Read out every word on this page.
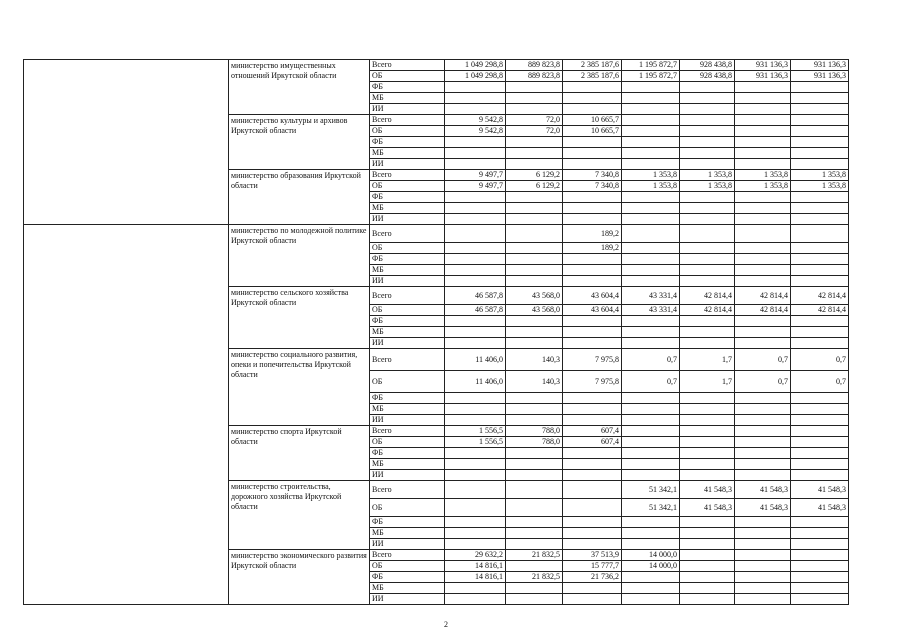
	министерство имущественных отношений Иркутской области	Всего	1 049 298,8	889 823,8	2 385 187,6	1 195 872,7	928 438,8	931 136,3	931 136,3
		ОБ	1 049 298,8	889 823,8	2 385 187,6	1 195 872,7	928 438,8	931 136,3	931 136,3
		ФБ							
		МБ							
		ИИ							
	министерство культуры и архивов Иркутской области	Всего	9 542,8	72,0	10 665,7				
		ОБ	9 542,8	72,0	10 665,7				
		ФБ							
		МБ							
		ИИ							
	министерство образования Иркутской области	Всего	9 497,7	6 129,2	7 340,8	1 353,8	1 353,8	1 353,8	1 353,8
		ОБ	9 497,7	6 129,2	7 340,8	1 353,8	1 353,8	1 353,8	1 353,8
		ФБ							
		МБ							
		ИИ							
	министерство по молодежной политике Иркутской области	Всего			189,2				
		ОБ			189,2				
		ФБ							
		МБ							
		ИИ							
	министерство сельского хозяйства Иркутской области	Всего	46 587,8	43 568,0	43 604,4	43 331,4	42 814,4	42 814,4	42 814,4
		ОБ	46 587,8	43 568,0	43 604,4	43 331,4	42 814,4	42 814,4	42 814,4
		ФБ							
		МБ							
		ИИ							
	министерство социального развития, опеки и попечительства Иркутской области	Всего	11 406,0	140,3	7 975,8	0,7	1,7	0,7	0,7
		ОБ	11 406,0	140,3	7 975,8	0,7	1,7	0,7	0,7
		ФБ							
		МБ							
		ИИ							
	министерство спорта Иркутской области	Всего	1 556,5	788,0	607,4				
		ОБ	1 556,5	788,0	607,4				
		ФБ							
		МБ							
		ИИ							
	министерство строительства, дорожного хозяйства Иркутской области	Всего				51 342,1	41 548,3	41 548,3	41 548,3
		ОБ				51 342,1	41 548,3	41 548,3	41 548,3
		ФБ							
		МБ							
		ИИ							
	министерство экономического развития Иркутской области	Всего	29 632,2	21 832,5	37 513,9	14 000,0			
		ОБ	14 816,1		15 777,7	14 000,0			
		ФБ	14 816,1	21 832,5	21 736,2				
		МБ							
		ИИ							
2
